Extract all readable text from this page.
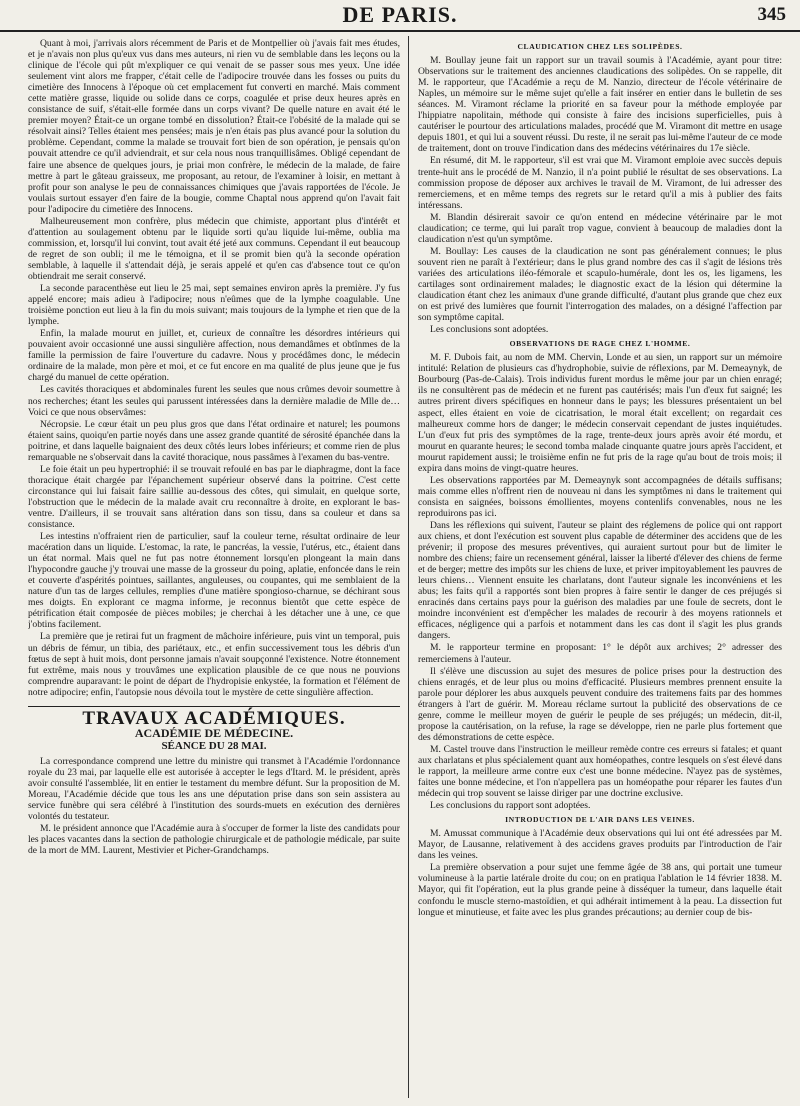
DE PARIS.	345

Quant à moi, j'arrivais alors récemment de Paris et de Montpellier où j'avais fait mes études, et je n'avais non plus qu'eux vus dans mes auteurs, ni rien vu de semblable dans les leçons ou la clinique de l'école qui pût m'expliquer ce qui venait de se passer sous mes yeux. Une idée seulement vint alors me frapper, c'était celle de l'adipocire trouvée dans les fosses ou puits du cimetière des Innocens à l'époque où cet emplacement fut converti en marché. Mais comment cette matière grasse, liquide ou solide dans ce corps, coagulée et prise deux heures après en consistance de suif, s'était-elle formée dans un corps vivant? De quelle nature en avait été le premier moyen? Était-ce un organe tombé en dissolution? Était-ce l'obésité de la malade qui se résolvait ainsi? Telles étaient mes pensées; mais je n'en étais pas plus avancé pour la solution du problème. Cependant, comme la malade se trouvait fort bien de son opération, je pensais qu'on pouvait attendre ce qu'il adviendrait, et sur cela nous nous tranquillisâmes. Obligé cependant de faire une absence de quelques jours, je priai mon confrère, le médecin de la malade, de faire mettre à part le gâteau graisseux, me proposant, au retour, de l'examiner à loisir, en mettant à profit pour son analyse le peu de connaissances chimiques que j'avais rapportées de l'école. Je voulais surtout essayer d'en faire de la bougie, comme Chaptal nous apprend qu'on l'avait fait pour l'adipocire du cimetière des Innocens.

Malheureusement mon confrère, plus médecin que chimiste, apportant plus d'intérêt et d'attention au soulagement obtenu par le liquide sorti qu'au liquide lui-même, oublia ma commission, et, lorsqu'il lui convint, tout avait été jeté aux communs. Cependant il eut beaucoup de regret de son oubli; il me le témoigna, et il se promit bien qu'à la seconde opération semblable, à laquelle il s'attendait déjà, je serais appelé et qu'en cas d'absence tout ce qu'on obtiendrait me serait conservé.

La seconde paracenthèse eut lieu le 25 mai, sept semaines environ après la première. J'y fus appelé encore; mais adieu à l'adipocire; nous n'eûmes que de la lymphe coagulable. Une troisième ponction eut lieu à la fin du mois suivant; mais toujours de la lymphe et rien que de la lymphe.

Enfin, la malade mourut en juillet, et, curieux de connaître les désordres intérieurs qui pouvaient avoir occasionné une aussi singulière affection, nous demandâmes et obtînmes de la famille la permission de faire l'ouverture du cadavre. Nous y procédâmes donc, le médecin ordinaire de la malade, mon père et moi, et ce fut encore en ma qualité de plus jeune que je fus chargé du manuel de cette opération.

Les cavités thoraciques et abdominales furent les seules que nous crûmes devoir soumettre à nos recherches; étant les seules qui parussent intéressées dans la dernière maladie de Mlle de… Voici ce que nous observâmes:

Nécropsie. Le cœur était un peu plus gros que dans l'état ordinaire et naturel; les poumons étaient sains, quoiqu'en partie noyés dans une assez grande quantité de sérosité épanchée dans la poitrine, et dans laquelle baignaient des deux côtés leurs lobes inférieurs; et comme rien de plus remarquable ne s'observait dans la cavité thoracique, nous passâmes à l'examen du bas-ventre.

Le foie était un peu hypertrophié: il se trouvait refoulé en bas par le diaphragme, dont la face thoracique était chargée par l'épanchement supérieur observé dans la poitrine. C'est cette circonstance qui lui faisait faire saillie au-dessous des côtes, qui simulait, en quelque sorte, l'obstruction que le médecin de la malade avait cru reconnaître à droite, en explorant le bas-ventre. D'ailleurs, il se trouvait sans altération dans son tissu, dans sa couleur et dans sa consistance.

Les intestins n'offraient rien de particulier, sauf la couleur terne, résultat ordinaire de leur macération dans un liquide. L'estomac, la rate, le pancréas, la vessie, l'utérus, etc., étaient dans un état normal. Mais quel ne fut pas notre étonnement lorsqu'en plongeant la main dans l'hypocondre gauche j'y trouvai une masse de la grosseur du poing, aplatie, enfoncée dans le rein et couverte d'aspérités pointues, saillantes, anguleuses, ou coupantes, qui me semblaient de la nature d'un tas de larges cellules, remplies d'une matière spongioso-charnue, se déchirant sous mes doigts. En explorant ce magma informe, je reconnus bientôt que cette espèce de pétrification était composée de pièces mobiles; je cherchai à les détacher une à une, ce que j'obtins facilement.

La première que je retirai fut un fragment de mâchoire inférieure, puis vint un temporal, puis un débris de fémur, un tibia, des pariétaux, etc., et enfin successivement tous les débris d'un fœtus de sept à huit mois, dont personne jamais n'avait soupçonné l'existence. Notre étonnement fut extrême, mais nous y trouvâmes une explication plausible de ce que nous ne pouvions comprendre auparavant: le point de départ de l'hydropisie enkystée, la formation et l'élément de notre adipocire; enfin, l'autopsie nous dévoila tout le mystère de cette singulière affection.

TRAVAUX ACADÉMIQUES.
ACADÉMIE DE MÉDECINE.
SÉANCE DU 28 MAI.

La correspondance comprend une lettre du ministre qui transmet à l'Académie l'ordonnance royale du 23 mai, par laquelle elle est autorisée à accepter le legs d'Itard. M. le président, après avoir consulté l'assemblée, lit en entier le testament du membre défunt. Sur la proposition de M. Moreau, l'Académie décide que tous les ans une députation prise dans son sein assistera au service funèbre qui sera célébré à l'institution des sourds-muets en exécution des dernières volontés du testateur.

M. le président annonce que l'Académie aura à s'occuper de former la liste des candidats pour les places vacantes dans la section de pathologie chirurgicale et de pathologie médicale, par suite de la mort de MM. Laurent, Mestivier et Picher-Grandchamps.

CLAUDICATION CHEZ LES SOLIPÈDES.

M. Boullay jeune fait un rapport sur un travail soumis à l'Académie, ayant pour titre: Observations sur le traitement des anciennes claudications des solipèdes. On se rappelle, dit M. le rapporteur, que l'Académie a reçu de M. Nanzio, directeur de l'école vétérinaire de Naples, un mémoire sur le même sujet qu'elle a fait insérer en entier dans le bulletin de ses séances. M. Viramont réclame la priorité en sa faveur pour la méthode employée par l'hippiatre napolitain, méthode qui consiste à faire des incisions superficielles, puis à cautériser le pourtour des articulations malades, procédé que M. Viramont dit mettre en usage depuis 1801, et qui lui a souvent réussi. Du reste, il ne serait pas lui-même l'auteur de ce mode de traitement, dont on trouve l'indication dans des médecins vétérinaires du 17e siècle.

En résumé, dit M. le rapporteur, s'il est vrai que M. Viramont emploie avec succès depuis trente-huit ans le procédé de M. Nanzio, il n'a point publié le résultat de ses observations. La commission propose de déposer aux archives le travail de M. Viramont, de lui adresser des remerciemens, et en même temps des regrets sur le retard qu'il a mis à publier des faits intéressans.

M. Blandin désirerait savoir ce qu'on entend en médecine vétérinaire par le mot claudication; ce terme, qui lui paraît trop vague, convient à beaucoup de maladies dont la claudication n'est qu'un symptôme.

M. Boullay: Les causes de la claudication ne sont pas généralement connues; le plus souvent rien ne paraît à l'extérieur; dans le plus grand nombre des cas il s'agit de lésions très variées des articulations iléo-fémorale et scapulo-humérale, dont les os, les ligamens, les cartilages sont ordinairement malades; le diagnostic exact de la lésion qui détermine la claudication étant chez les animaux d'une grande difficulté, d'autant plus grande que chez eux on est privé des lumières que fournit l'interrogation des malades, on a désigné l'affection par son symptôme capital.

Les conclusions sont adoptées.

OBSERVATIONS DE RAGE CHEZ L'HOMME.

M. F. Dubois fait, au nom de MM. Chervin, Londe et au sien, un rapport sur un mémoire intitulé: Relation de plusieurs cas d'hydrophobie, suivie de réflexions, par M. Demeaynyk, de Bourbourg (Pas-de-Calais). Trois individus furent mordus le même jour par un chien enragé; ils ne consultèrent pas de médecin et ne furent pas cautérisés; mais l'un d'eux fut saigné; les autres prirent divers spécifiques en honneur dans le pays; les blessures présentaient un bel aspect, elles étaient en voie de cicatrisation, le moral était excellent; on regardait ces malheureux comme hors de danger; le médecin conservait cependant de justes inquiétudes. L'un d'eux fut pris des symptômes de la rage, trente-deux jours après avoir été mordu, et mourut en quarante heures; le second tomba malade cinquante quatre jours après l'accident, et mourut rapidement aussi; le troisième enfin ne fut pris de la rage qu'au bout de trois mois; il expira dans moins de vingt-quatre heures.

Les observations rapportées par M. Demeaynyk sont accompagnées de détails suffisans; mais comme elles n'offrent rien de nouveau ni dans les symptômes ni dans le traitement qui consista en saignées, boissons émollientes, moyens contenlifs convenables, nous ne les reproduirons pas ici.

Dans les réflexions qui suivent, l'auteur se plaint des réglemens de police qui ont rapport aux chiens, et dont l'exécution est souvent plus capable de déterminer des accidens que de les prévenir; il propose des mesures préventives, qui auraient surtout pour but de limiter le nombre des chiens; faire un recensement général, laisser la liberté d'élever des chiens de ferme et de berger; mettre des impôts sur les chiens de luxe, et priver impitoyablement les pauvres de leurs chiens… Viennent ensuite les charlatans, dont l'auteur signale les inconvéniens et les abus; les faits qu'il a rapportés sont bien propres à faire sentir le danger de ces préjugés si enracinés dans certains pays pour la guérison des maladies par une foule de secrets, dont le moindre inconvénient est d'empêcher les malades de recourir à des moyens rationnels et efficaces, négligence qui a parfois et notamment dans les cas dont il s'agit les plus grands dangers.

M. le rapporteur termine en proposant: 1° le dépôt aux archives; 2° adresser des remerciemens à l'auteur.

Il s'élève une discussion au sujet des mesures de police prises pour la destruction des chiens enragés, et de leur plus ou moins d'efficacité. Plusieurs membres prennent ensuite la parole pour déplorer les abus auxquels peuvent conduire des traitemens faits par des hommes étrangers à l'art de guérir. M. Moreau réclame surtout la publicité des observations de ce genre, comme le meilleur moyen de guérir le peuple de ses préjugés; un médecin, dit-il, propose la cautérisation, on la refuse, la rage se développe, rien ne parle plus fortement que des démonstrations de cette espèce.

M. Castel trouve dans l'instruction le meilleur remède contre ces erreurs si fatales; et quant aux charlatans et plus spécialement quant aux homéopathes, contre lesquels on s'est élevé dans le rapport, la meilleure arme contre eux c'est une bonne médecine. N'ayez pas de systèmes, faites une bonne médecine, et l'on n'appellera pas un homéopathe pour réparer les fautes d'un médecin qui trop souvent se laisse diriger par une doctrine exclusive.

Les conclusions du rapport sont adoptées.

INTRODUCTION DE L'AIR DANS LES VEINES.

M. Amussat communique à l'Académie deux observations qui lui ont été adressées par M. Mayor, de Lausanne, relativement à des accidens graves produits par l'introduction de l'air dans les veines.

La première observation a pour sujet une femme âgée de 38 ans, qui portait une tumeur volumineuse à la partie latérale droite du cou; on en pratiqua l'ablation le 14 février 1838. M. Mayor, qui fit l'opération, eut la plus grande peine à disséquer la tumeur, dans laquelle était confondu le muscle sterno-mastoïdien, et qui adhérait intimement à la peau. La dissection fut longue et minutieuse, et faite avec les plus grandes précautions; au dernier coup de bis-
